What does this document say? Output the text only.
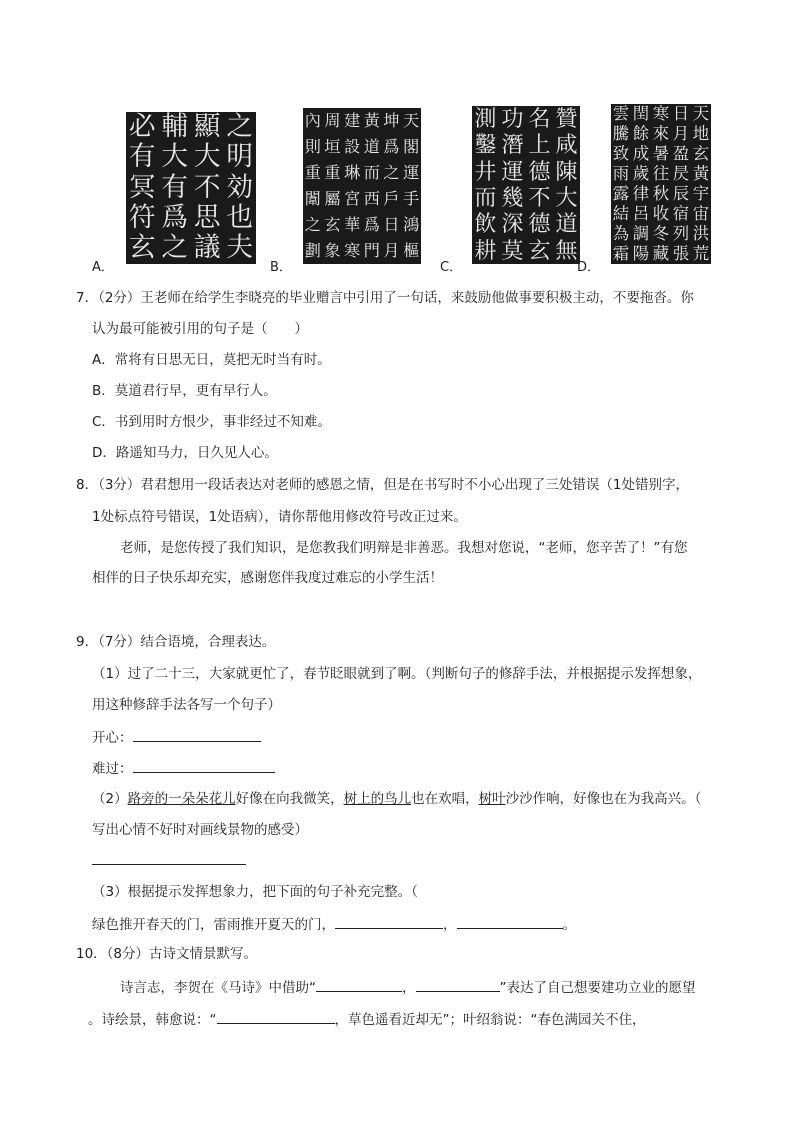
之
明
効
也
夫
顯
大
不
思
議
輔
大
有
爲
之
必
有
冥
符
玄
天
閣
運
手
鴻
樞
坤
爲
之
戶
日
月
黃
道
而
西
爲
門
建
設
琳
宮
華
寒
周
垣
重
屬
玄
象
內
則
重
闈
之
劃
贊
咸
陳
大
道
無
名
上
德
不
德
玄
功
潛
運
幾
深
莫
測
鑿
井
而
飲
耕
天
地
玄
黃
宇
宙
洪
荒
日
月
盈
昃
辰
宿
列
張
寒
來
暑
往
秋
收
冬
藏
閏
餘
成
歲
律
呂
調
陽
雲
騰
致
雨
露
結
為
霜
A．	B．	C．	D．
7．（2分）王老师在给学生李晓亮的毕业赠言中引用了一句话，来鼓励他做事要积极主动，不要拖沓。你
认为最可能被引用的句子是（　　）
A．常将有日思无日，莫把无时当有时。
B．莫道君行早，更有早行人。
C．书到用时方恨少，事非经过不知难。
D．路遥知马力，日久见人心。
8．（3分）君君想用一段话表达对老师的感恩之情，但是在书写时不小心出现了三处错误（1处错别字，
1处标点符号错误，1处语病），请你帮他用修改符号改正过来。
老师，是您传授了我们知识，是您教我们明辩是非善恶。我想对您说，“老师，您辛苦了！”有您
相伴的日子快乐却充实，感谢您伴我度过难忘的小学生活！
9．（7分）结合语境，合理表达。
（1）过了二十三，大家就更忙了，春节眨眼就到了啊。（判断句子的修辞手法，并根据提示发挥想象，
用这种修辞手法各写一个句子）
开心：
难过：
（2）路旁的一朵朵花儿好像在向我微笑，树上的鸟儿也在欢唱，树叶沙沙作响，好像也在为我高兴。（
写出心情不好时对画线景物的感受）
（3）根据提示发挥想象力，把下面的句子补充完整。（
绿色推开春天的门，雷雨推开夏天的门，	，	。
10．（8分）古诗文情景默写。
诗言志，李贺在《马诗》中借助“	，	”表达了自己想要建功立业的愿望
。诗绘景，韩愈说：“	，草色遥看近却无”；叶绍翁说：“春色满园关不住，
